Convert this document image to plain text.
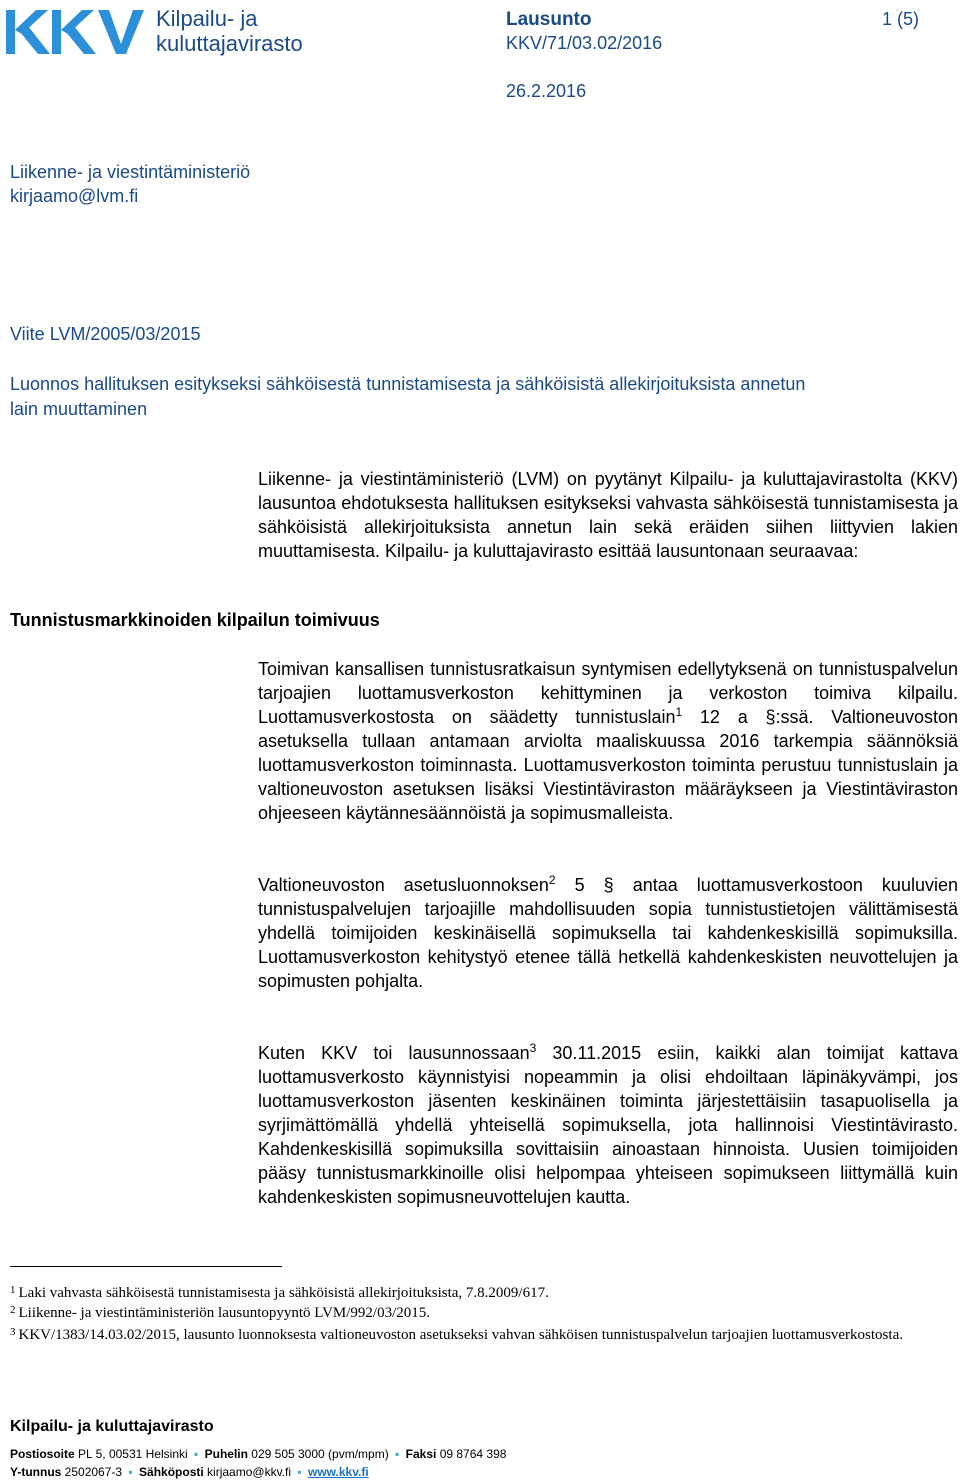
Kilpailu- ja
kuluttajavirasto
Lausunto
KKV/71/03.02/2016
1 (5)
26.2.2016
Liikenne- ja viestintäministeriö
kirjaamo@lvm.fi
Viite LVM/2005/03/2015
Luonnos hallituksen esitykseksi sähköisestä tunnistamisesta ja sähköisistä allekirjoituksista annetun lain muuttaminen
Liikenne- ja viestintäministeriö (LVM) on pyytänyt Kilpailu- ja kuluttajavirastolta (KKV) lausuntoa ehdotuksesta hallituksen esitykseksi vahvasta sähköisestä tunnistamisesta ja sähköisistä allekirjoituksista annetun lain sekä eräiden siihen liittyvien lakien muuttamisesta. Kilpailu- ja kuluttajavirasto esittää lausuntonaan seuraavaa:
Tunnistusmarkkinoiden kilpailun toimivuus
Toimivan kansallisen tunnistusratkaisun syntymisen edellytyksenä on tunnistuspalvelun tarjoajien luottamusverkoston kehittyminen ja verkoston toimiva kilpailu. Luottamusverkostosta on säädetty tunnistuslain$^1$ 12 a §:ssä. Valtioneuvoston asetuksella tullaan antamaan arviolta maaliskuussa 2016 tarkempia säännöksiä luottamusverkoston toiminnasta. Luottamusverkoston toiminta perustuu tunnistuslain ja valtioneuvoston asetuksen lisäksi Viestintäviraston määräykseen ja Viestintäviraston ohjeeseen käytännesäännöistä ja sopimusmalleista.
Valtioneuvoston asetusluonnoksen$^2$ 5 § antaa luottamusverkostoon kuuluvien tunnistuspalvelujen tarjoajille mahdollisuuden sopia tunnistustietojen välittämisestä yhdellä toimijoiden keskinäisellä sopimuksella tai kahdenkeskisillä sopimuksilla. Luottamusverkoston kehitystyö etenee tällä hetkellä kahdenkeskisten neuvottelujen ja sopimusten pohjalta.
Kuten KKV toi lausunnossaan$^3$ 30.11.2015 esiin, kaikki alan toimijat kattava luottamusverkosto käynnistyisi nopeammin ja olisi ehdoiltaan läpinäkyvämpi, jos luottamusverkoston jäsenten keskinäinen toiminta järjestettäisiin tasapuolisella ja syrjimättömällä yhdellä yhteisellä sopimuksella, jota hallinnoisi Viestintävirasto. Kahdenkeskisillä sopimuksilla sovittaisiin ainoastaan hinnoista. Uusien toimijoiden pääsy tunnistusmarkkinoille olisi helpompaa yhteiseen sopimukseen liittymällä kuin kahdenkeskisten sopimusneuvottelujen kautta.
$^1$ Laki vahvasta sähköisestä tunnistamisesta ja sähköisistä allekirjoituksista, 7.8.2009/617.
$^2$ Liikenne- ja viestintäministeriön lausuntopyyntö LVM/992/03/2015.
$^3$ KKV/1383/14.03.02/2015, lausunto luonnoksesta valtioneuvoston asetukseksi vahvan sähköisen tunnistuspalvelun tarjoajien luottamusverkostosta.
Kilpailu- ja kuluttajavirasto
Postiosoite PL 5, 00531 Helsinki ▪ Puhelin 029 505 3000 (pvm/mpm) ▪ Faksi 09 8764 398
Y-tunnus 2502067-3 ▪ Sähköposti kirjaamo@kkv.fi ▪ www.kkv.fi
